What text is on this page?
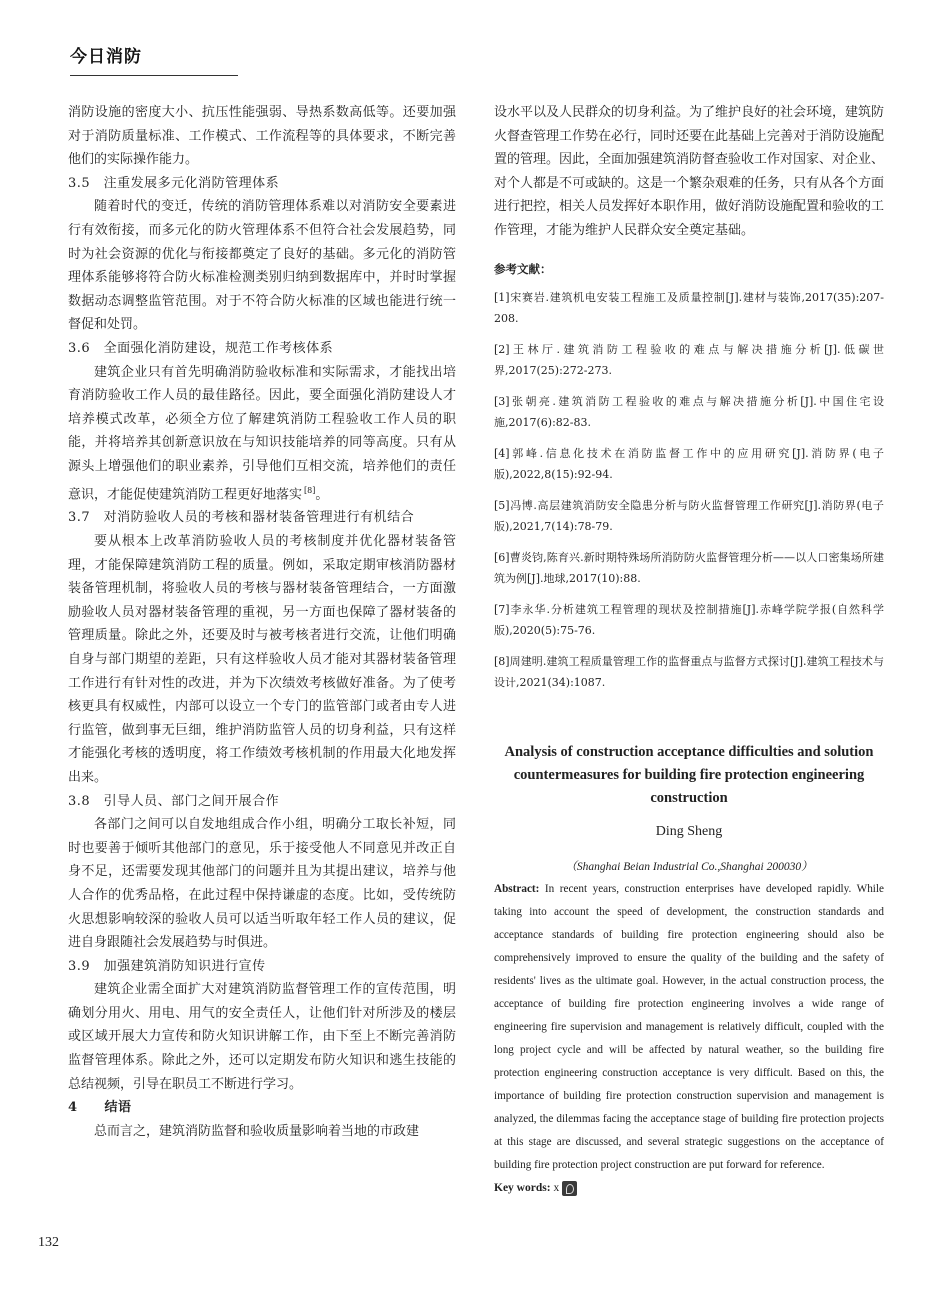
今日消防

消防设施的密度大小、抗压性能强弱、导热系数高低等。还要加强对于消防质量标准、工作模式、工作流程等的具体要求，不断完善他们的实际操作能力。

3.5　注重发展多元化消防管理体系

随着时代的变迁，传统的消防管理体系难以对消防安全要素进行有效衔接，而多元化的防火管理体系不但符合社会发展趋势，同时为社会资源的优化与衔接都奠定了良好的基础。多元化的消防管理体系能够将符合防火标准检测类别归纳到数据库中，并时时掌握数据动态调整监管范围。对于不符合防火标准的区域也能进行统一督促和处罚。

3.6　全面强化消防建设，规范工作考核体系

建筑企业只有首先明确消防验收标准和实际需求，才能找出培育消防验收工作人员的最佳路径。因此，要全面强化消防建设人才培养模式改革，必须全方位了解建筑消防工程验收工作人员的职能，并将培养其创新意识放在与知识技能培养的同等高度。只有从源头上增强他们的职业素养，引导他们互相交流，培养他们的责任意识，才能促使建筑消防工程更好地落实 [8]。

3.7　对消防验收人员的考核和器材装备管理进行有机结合

要从根本上改革消防验收人员的考核制度并优化器材装备管理，才能保障建筑消防工程的质量。例如，采取定期审核消防器材装备管理机制，将验收人员的考核与器材装备管理结合，一方面激励验收人员对器材装备管理的重视，另一方面也保障了器材装备的管理质量。除此之外，还要及时与被考核者进行交流，让他们明确自身与部门期望的差距，只有这样验收人员才能对其器材装备管理工作进行有针对性的改进，并为下次绩效考核做好准备。为了使考核更具有权威性，内部可以设立一个专门的监管部门或者由专人进行监管，做到事无巨细，维护消防监管人员的切身利益，只有这样才能强化考核的透明度，将工作绩效考核机制的作用最大化地发挥出来。

3.8　引导人员、部门之间开展合作

各部门之间可以自发地组成合作小组，明确分工取长补短，同时也要善于倾听其他部门的意见，乐于接受他人不同意见并改正自身不足，还需要发现其他部门的问题并且为其提出建议，培养与他人合作的优秀品格，在此过程中保持谦虚的态度。比如，受传统防火思想影响较深的验收人员可以适当听取年轻工作人员的建议，促进自身跟随社会发展趋势与时俱进。

3.9　加强建筑消防知识进行宣传

建筑企业需全面扩大对建筑消防监督管理工作的宣传范围，明确划分用火、用电、用气的安全责任人，让他们针对所涉及的楼层或区域开展大力宣传和防火知识讲解工作，由下至上不断完善消防监督管理体系。除此之外，还可以定期发布防火知识和逃生技能的总结视频，引导在职员工不断进行学习。

4　　结语

总而言之，建筑消防监督和验收质量影响着当地的市政建

设水平以及人民群众的切身利益。为了维护良好的社会环境，建筑防火督查管理工作势在必行，同时还要在此基础上完善对于消防设施配置的管理。因此，全面加强建筑消防督查验收工作对国家、对企业、对个人都是不可或缺的。这是一个繁杂艰难的任务，只有从各个方面进行把控，相关人员发挥好本职作用，做好消防设施配置和验收的工作管理，才能为维护人民群众安全奠定基础。

参考文献：

[1]宋赛岩.建筑机电安装工程施工及质量控制[J].建材与装饰,2017(35):207-208.

[2]王林厅.建筑消防工程验收的难点与解决措施分析[J].低碳世界,2017(25):272-273.

[3]张朝亮.建筑消防工程验收的难点与解决措施分析[J].中国住宅设施,2017(6):82-83.

[4]郭峰.信息化技术在消防监督工作中的应用研究[J].消防界(电子版),2022,8(15):92-94.

[5]冯博.高层建筑消防安全隐患分析与防火监督管理工作研究[J].消防界(电子版),2021,7(14):78-79.

[6]曹炎钧,陈育兴.新时期特殊场所消防防火监督管理分析——以人口密集场所建筑为例[J].地球,2017(10):88.

[7]李永华.分析建筑工程管理的现状及控制措施[J].赤峰学院学报(自然科学版),2020(5):75-76.

[8]周建明.建筑工程质量管理工作的监督重点与监督方式探讨[J].建筑工程技术与设计,2021(34):1087.

Analysis of construction acceptance difficulties and solution countermeasures for building fire protection engineering construction
Ding Sheng
（Shanghai Beian Industrial Co.,Shanghai 200030）

Abstract: In recent years, construction enterprises have developed rapidly. While taking into account the speed of development, the construction standards and acceptance standards of building fire protection engineering should also be comprehensively improved to ensure the quality of the building and the safety of residents' lives as the ultimate goal. However, in the actual construction process, the acceptance of building fire protection engineering involves a wide range of engineering fire supervision and management is relatively difficult, coupled with the long project cycle and will be affected by natural weather, so the building fire protection engineering construction acceptance is very difficult. Based on this, the importance of building fire protection construction supervision and management is analyzed, the dilemmas facing the acceptance stage of building fire protection projects at this stage are discussed, and several strategic suggestions on the acceptance of building fire protection project construction are put forward for reference.

Key words: x
132
